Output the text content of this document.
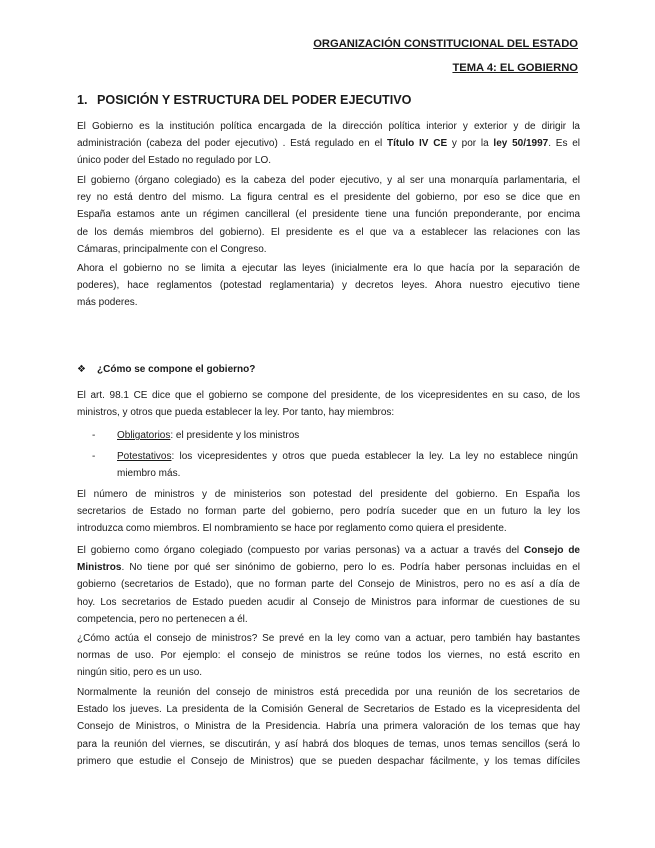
ORGANIZACIÓN CONSTITUCIONAL DEL ESTADO
TEMA 4: EL GOBIERNO
1. POSICIÓN Y ESTRUCTURA DEL PODER EJECUTIVO

El Gobierno es la institución política encargada de la dirección política interior y exterior y de dirigir la
administración (cabeza del poder ejecutivo) . Está regulado en el Título IV CE y por la ley 50/1997. Es el
único poder del Estado no regulado por LO.

El gobierno (órgano colegiado) es la cabeza del poder ejecutivo, y al ser una monarquía parlamentaria, el
rey no está dentro del mismo. La figura central es el presidente del gobierno, por eso se dice que en
España estamos ante un régimen cancilleral (el presidente tiene una función preponderante, por encima
de los demás miembros del gobierno). El presidente es el que va a establecer las relaciones con las
Cámaras, principalmente con el Congreso.

Ahora el gobierno no se limita a ejecutar las leyes (inicialmente era lo que hacía por la separación de
poderes), hace reglamentos (potestad reglamentaria) y decretos leyes. Ahora nuestro ejecutivo tiene
más poderes.

❖ ¿Cómo se compone el gobierno?

El art. 98.1 CE dice que el gobierno se compone del presidente, de los vicepresidentes en su caso, de los
ministros, y otros que pueda establecer la ley. Por tanto, hay miembros:

- Obligatorios: el presidente y los ministros
- Potestativos: los vicepresidentes y otros que pueda establecer la ley. La ley no establece ningún
miembro más.

El número de ministros y de ministerios son potestad del presidente del gobierno. En España los
secretarios de Estado no forman parte del gobierno, pero podría suceder que en un futuro la ley los
introduzca como miembros. El nombramiento se hace por reglamento como quiera el presidente.

El gobierno como órgano colegiado (compuesto por varias personas) va a actuar a través del Consejo de
Ministros. No tiene por qué ser sinónimo de gobierno, pero lo es. Podría haber personas incluidas en el
gobierno (secretarios de Estado), que no forman parte del Consejo de Ministros, pero no es así a día de
hoy. Los secretarios de Estado pueden acudir al Consejo de Ministros para informar de cuestiones de su
competencia, pero no pertenecen a él.

¿Cómo actúa el consejo de ministros? Se prevé en la ley como van a actuar, pero también hay bastantes
normas de uso. Por ejemplo: el consejo de ministros se reúne todos los viernes, no está escrito en
ningún sitio, pero es un uso.

Normalmente la reunión del consejo de ministros está precedida por una reunión de los secretarios de
Estado los jueves. La presidenta de la Comisión General de Secretarios de Estado es la vicepresidenta del
Consejo de Ministros, o Ministra de la Presidencia. Habría una primera valoración de los temas que hay
para la reunión del viernes, se discutirán, y así habrá dos bloques de temas, unos temas sencillos (será lo
primero que estudie el Consejo de Ministros) que se pueden despachar fácilmente, y los temas difíciles
